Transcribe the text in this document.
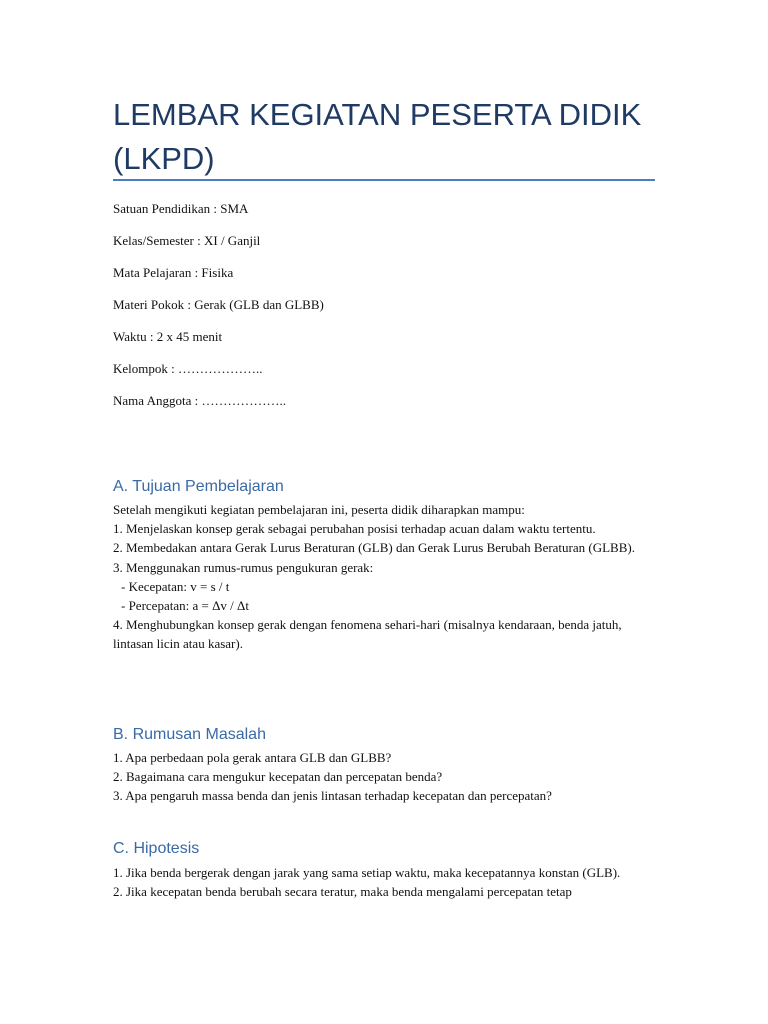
LEMBAR KEGIATAN PESERTA DIDIK (LKPD)
Satuan Pendidikan : SMA
Kelas/Semester : XI / Ganjil
Mata Pelajaran : Fisika
Materi Pokok : Gerak (GLB dan GLBB)
Waktu : 2 x 45 menit
Kelompok : ………………..
Nama Anggota : ………………..
A. Tujuan Pembelajaran

Setelah mengikuti kegiatan pembelajaran ini, peserta didik diharapkan mampu:

1. Menjelaskan konsep gerak sebagai perubahan posisi terhadap acuan dalam waktu tertentu.

2. Membedakan antara Gerak Lurus Beraturan (GLB) dan Gerak Lurus Berubah Beraturan (GLBB).

3. Menggunakan rumus-rumus pengukuran gerak:

- Kecepatan: v = s / t

- Percepatan: a = Δv / Δt

4. Menghubungkan konsep gerak dengan fenomena sehari-hari (misalnya kendaraan, benda jatuh, lintasan licin atau kasar).

B. Rumusan Masalah

1. Apa perbedaan pola gerak antara GLB dan GLBB?

2. Bagaimana cara mengukur kecepatan dan percepatan benda?

3. Apa pengaruh massa benda dan jenis lintasan terhadap kecepatan dan percepatan?

C. Hipotesis

1. Jika benda bergerak dengan jarak yang sama setiap waktu, maka kecepatannya konstan (GLB).

2. Jika kecepatan benda berubah secara teratur, maka benda mengalami percepatan tetap
